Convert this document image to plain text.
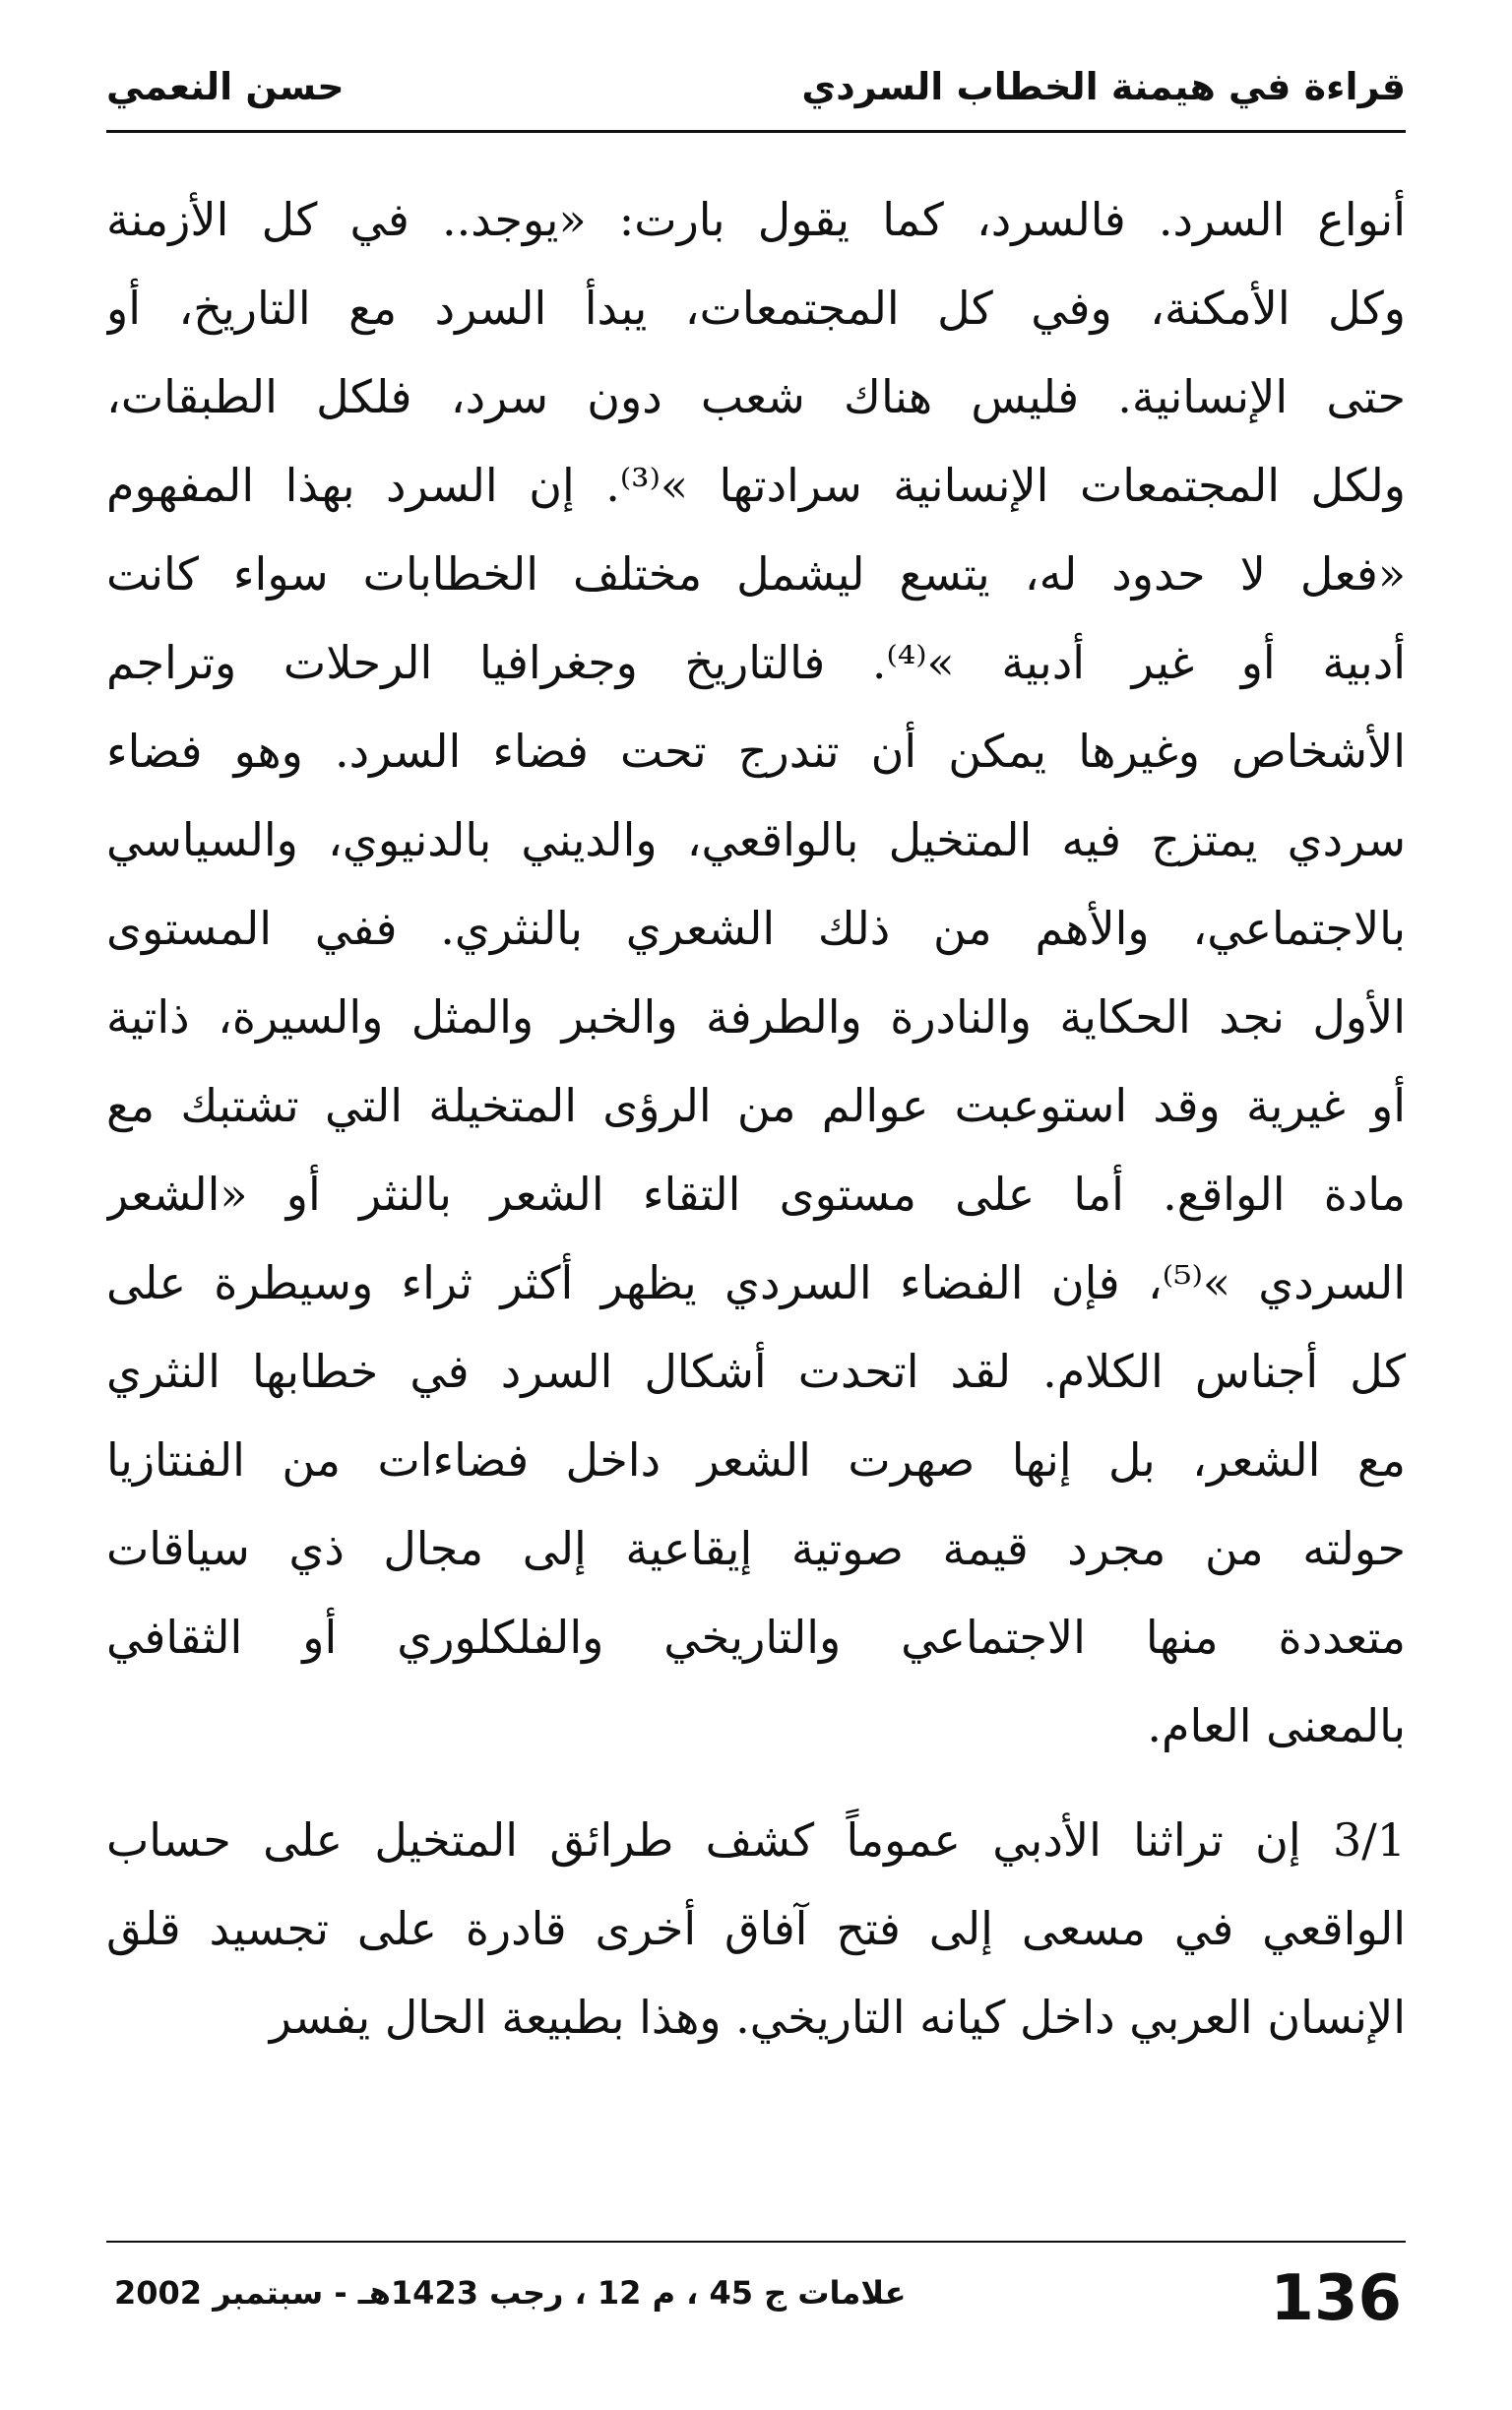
قراءة في هيمنة الخطاب السردي
حسن النعمي
أنواع السرد. فالسرد، كما يقول بارت: «يوجد.. في كل الأزمنة
وكل الأمكنة، وفي كل المجتمعات، يبدأ السرد مع التاريخ، أو
حتى الإنسانية. فليس هناك شعب دون سرد، فلكل الطبقات،
ولكل المجتمعات الإنسانية سرادتها »⁽³⁾. إن السرد بهذا المفهوم
«فعل لا حدود له، يتسع ليشمل مختلف الخطابات سواء كانت
أدبية أو غير أدبية »⁽⁴⁾. فالتاريخ وجغرافيا الرحلات وتراجم
الأشخاص وغيرها يمكن أن تندرج تحت فضاء السرد. وهو فضاء
سردي يمتزج فيه المتخيل بالواقعي، والديني بالدنيوي، والسياسي
بالاجتماعي، والأهم من ذلك الشعري بالنثري. ففي المستوى
الأول نجد الحكاية والنادرة والطرفة والخبر والمثل والسيرة، ذاتية
أو غيرية وقد استوعبت عوالم من الرؤى المتخيلة التي تشتبك مع
مادة الواقع. أما على مستوى التقاء الشعر بالنثر أو «الشعر
السردي »⁽⁵⁾، فإن الفضاء السردي يظهر أكثر ثراء وسيطرة على
كل أجناس الكلام. لقد اتحدت أشكال السرد في خطابها النثري
مع الشعر، بل إنها صهرت الشعر داخل فضاءات من الفنتازيا
حولته من مجرد قيمة صوتية إيقاعية إلى مجال ذي سياقات
متعددة منها الاجتماعي والتاريخي والفلكلوري أو الثقافي
بالمعنى العام.
3/1 إن تراثنا الأدبي عموماً كشف طرائق المتخيل على حساب
الواقعي في مسعى إلى فتح آفاق أخرى قادرة على تجسيد قلق
الإنسان العربي داخل كيانه التاريخي. وهذا بطبيعة الحال يفسر
علامات ج 45 ، م 12 ، رجب 1423هـ - سبتمبر 2002	136
